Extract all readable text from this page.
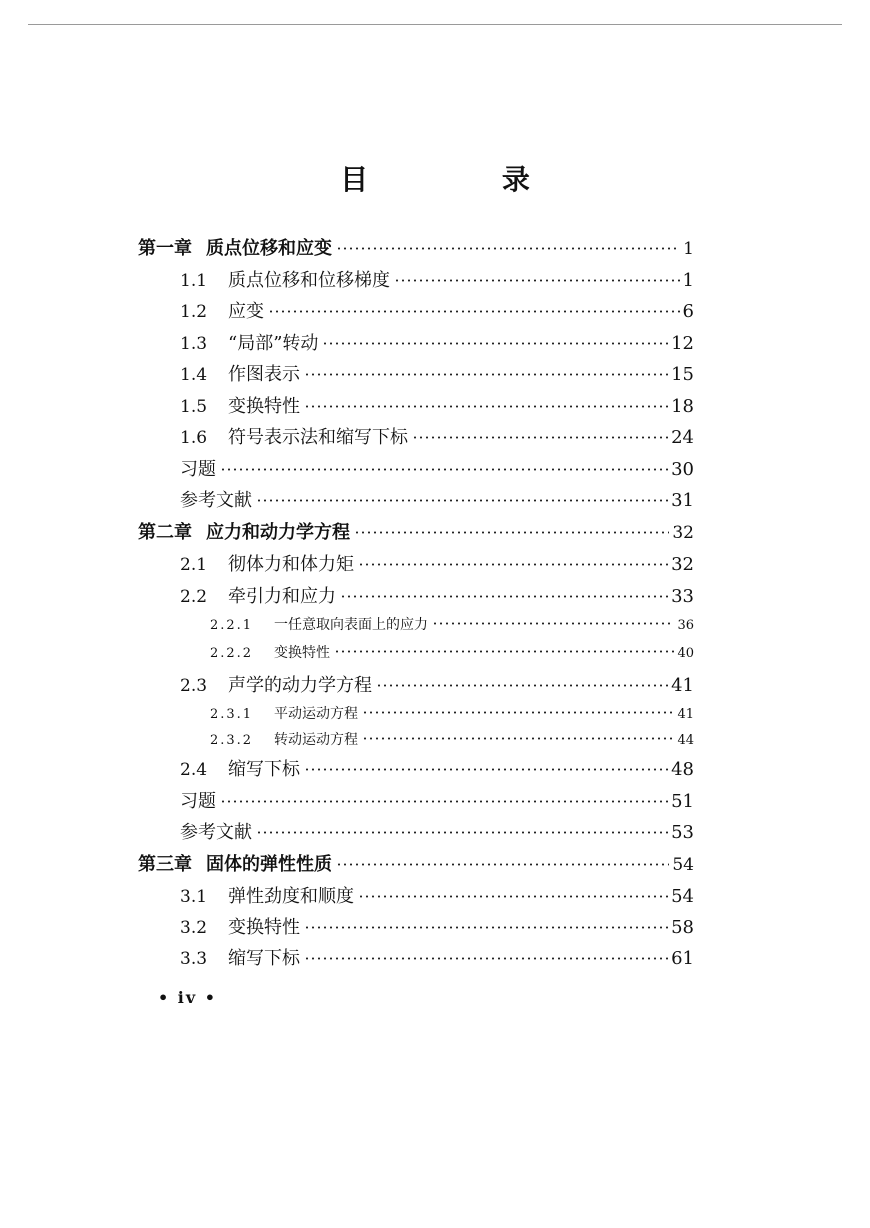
目 录
第一章 质点位移和应变	1
1.1	质点位移和位移梯度	1
1.2	应变	6
1.3	“局部”转动	12
1.4	作图表示	15
1.5	变换特性	18
1.6	符号表示法和缩写下标	24
习题	30
参考文献	31
第二章 应力和动力学方程	32
2.1	彻体力和体力矩	32
2.2	牵引力和应力	33
2.2.1	一任意取向表面上的应力	36
2.2.2	变换特性	40
2.3	声学的动力学方程	41
2.3.1	平动运动方程	41
2.3.2	转动运动方程	44
2.4	缩写下标	48
习题	51
参考文献	53
第三章 固体的弹性性质	54
3.1	弹性劲度和顺度	54
3.2	变换特性	58
3.3	缩写下标	61
• iv •
